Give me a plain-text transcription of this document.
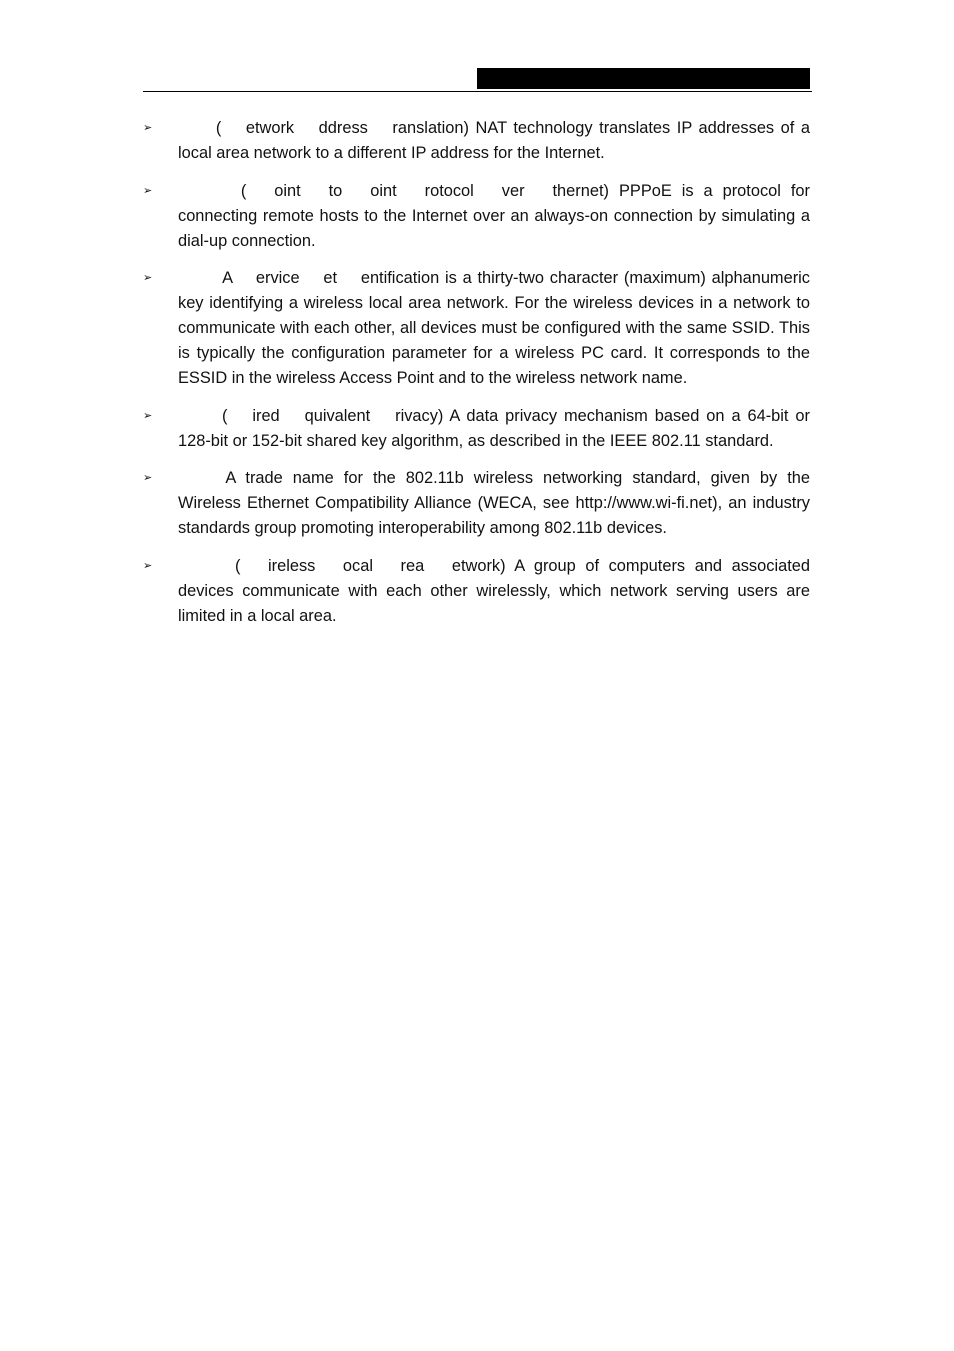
➢ NAT ( etwork ddress ranslation) NAT technology translates IP addresses of a local area network to a different IP address for the Internet.
➢ PPPoE ( oint to oint rotocol ver thernet) PPPoE is a protocol for connecting remote hosts to the Internet over an always-on connection by simulating a dial-up connection.
➢ SSID A ervice et entification is a thirty-two character (maximum) alphanumeric key identifying a wireless local area network. For the wireless devices in a network to communicate with each other, all devices must be configured with the same SSID. This is typically the configuration parameter for a wireless PC card. It corresponds to the ESSID in the wireless Access Point and to the wireless network name.
➢ WEP ( ired quivalent rivacy) A data privacy mechanism based on a 64-bit or 128-bit or 152-bit shared key algorithm, as described in the IEEE 802.11 standard.
➢ Wi-Fi A trade name for the 802.11b wireless networking standard, given by the Wireless Ethernet Compatibility Alliance (WECA, see http://www.wi-fi.net), an industry standards group promoting interoperability among 802.11b devices.
➢ WLAN ( ireless ocal rea etwork) A group of computers and associated devices communicate with each other wirelessly, which network serving users are limited in a local area.
